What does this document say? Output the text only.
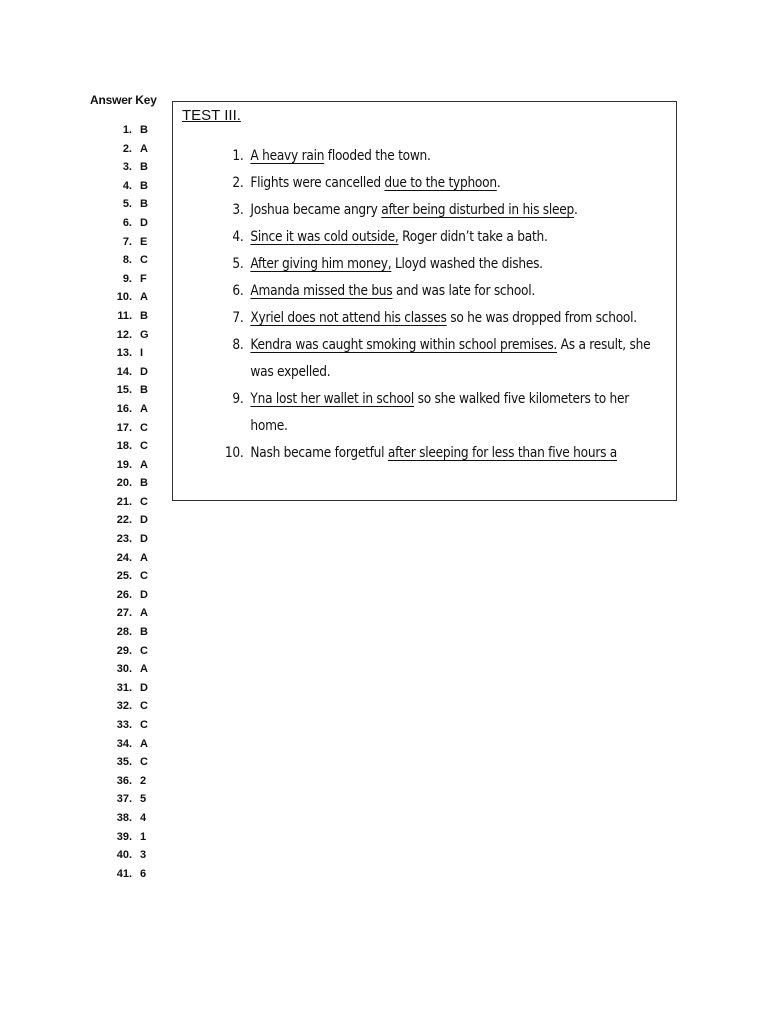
Answer Key
1. B
2. A
3. B
4. B
5. B
6. D
7. E
8. C
9. F
10. A
11. B
12. G
13. I
14. D
15. B
16. A
17. C
18. C
19. A
20. B
21. C
22. D
23. D
24. A
25. C
26. D
27. A
28. B
29. C
30. A
31. D
32. C
33. C
34. A
35. C
36. 2
37. 5
38. 4
39. 1
40. 3
41. 6
TEST III.
1. A heavy rain flooded the town.
2. Flights were cancelled due to the typhoon.
3. Joshua became angry after being disturbed in his sleep.
4. Since it was cold outside, Roger didn’t take a bath.
5. After giving him money, Lloyd washed the dishes.
6. Amanda missed the bus and was late for school.
7. Xyriel does not attend his classes so he was dropped from school.
8. Kendra was caught smoking within school premises. As a result, she was expelled.
9. Yna lost her wallet in school so she walked five kilometers to her home.
10. Nash became forgetful after sleeping for less than five hours a
